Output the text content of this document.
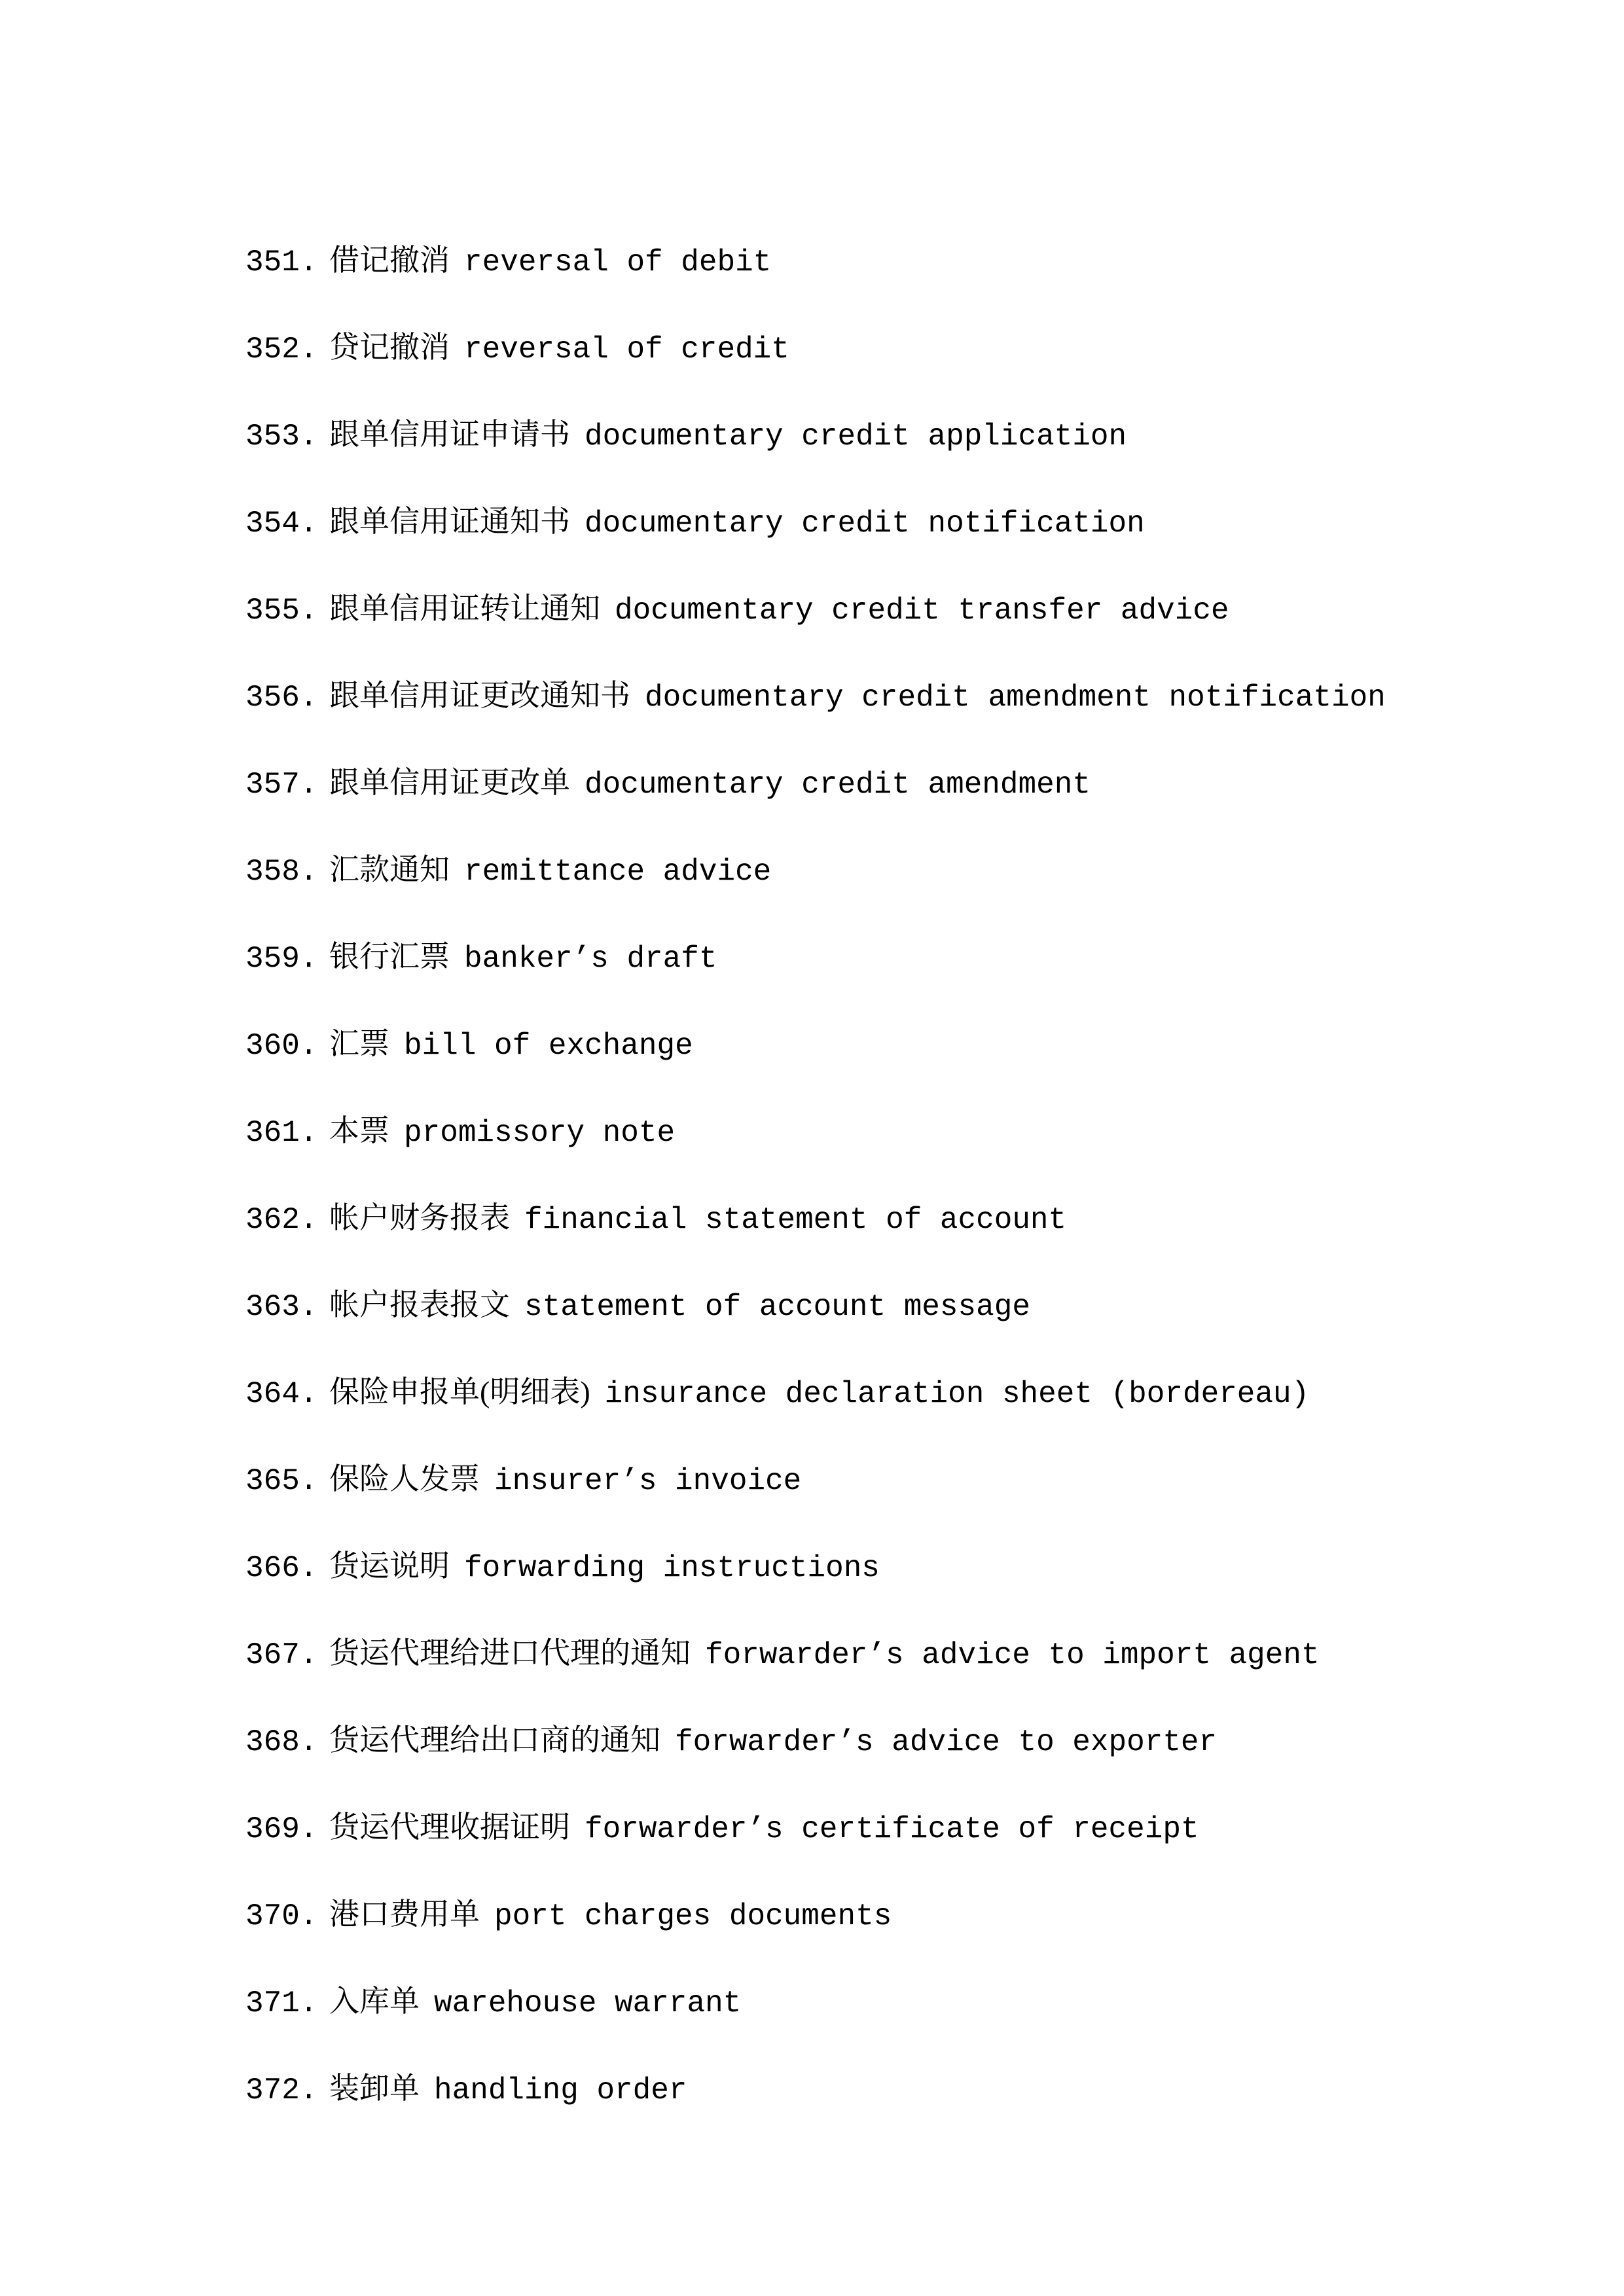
351. 借记撤消 reversal of debit
352. 贷记撤消 reversal of credit
353. 跟单信用证申请书 documentary credit application
354. 跟单信用证通知书 documentary credit notification
355. 跟单信用证转让通知 documentary credit transfer advice
356. 跟单信用证更改通知书 documentary credit amendment notification
357. 跟单信用证更改单 documentary credit amendment
358. 汇款通知 remittance advice
359. 银行汇票 banker’s draft
360. 汇票 bill of exchange
361. 本票 promissory note
362. 帐户财务报表 financial statement of account
363. 帐户报表报文 statement of account message
364. 保险申报单(明细表) insurance declaration sheet (bordereau)
365. 保险人发票 insurer’s invoice
366. 货运说明 forwarding instructions
367. 货运代理给进口代理的通知 forwarder’s advice to import agent
368. 货运代理给出口商的通知 forwarder’s advice to exporter
369. 货运代理收据证明 forwarder’s certificate of receipt
370. 港口费用单 port charges documents
371. 入库单 warehouse warrant
372. 装卸单 handling order
